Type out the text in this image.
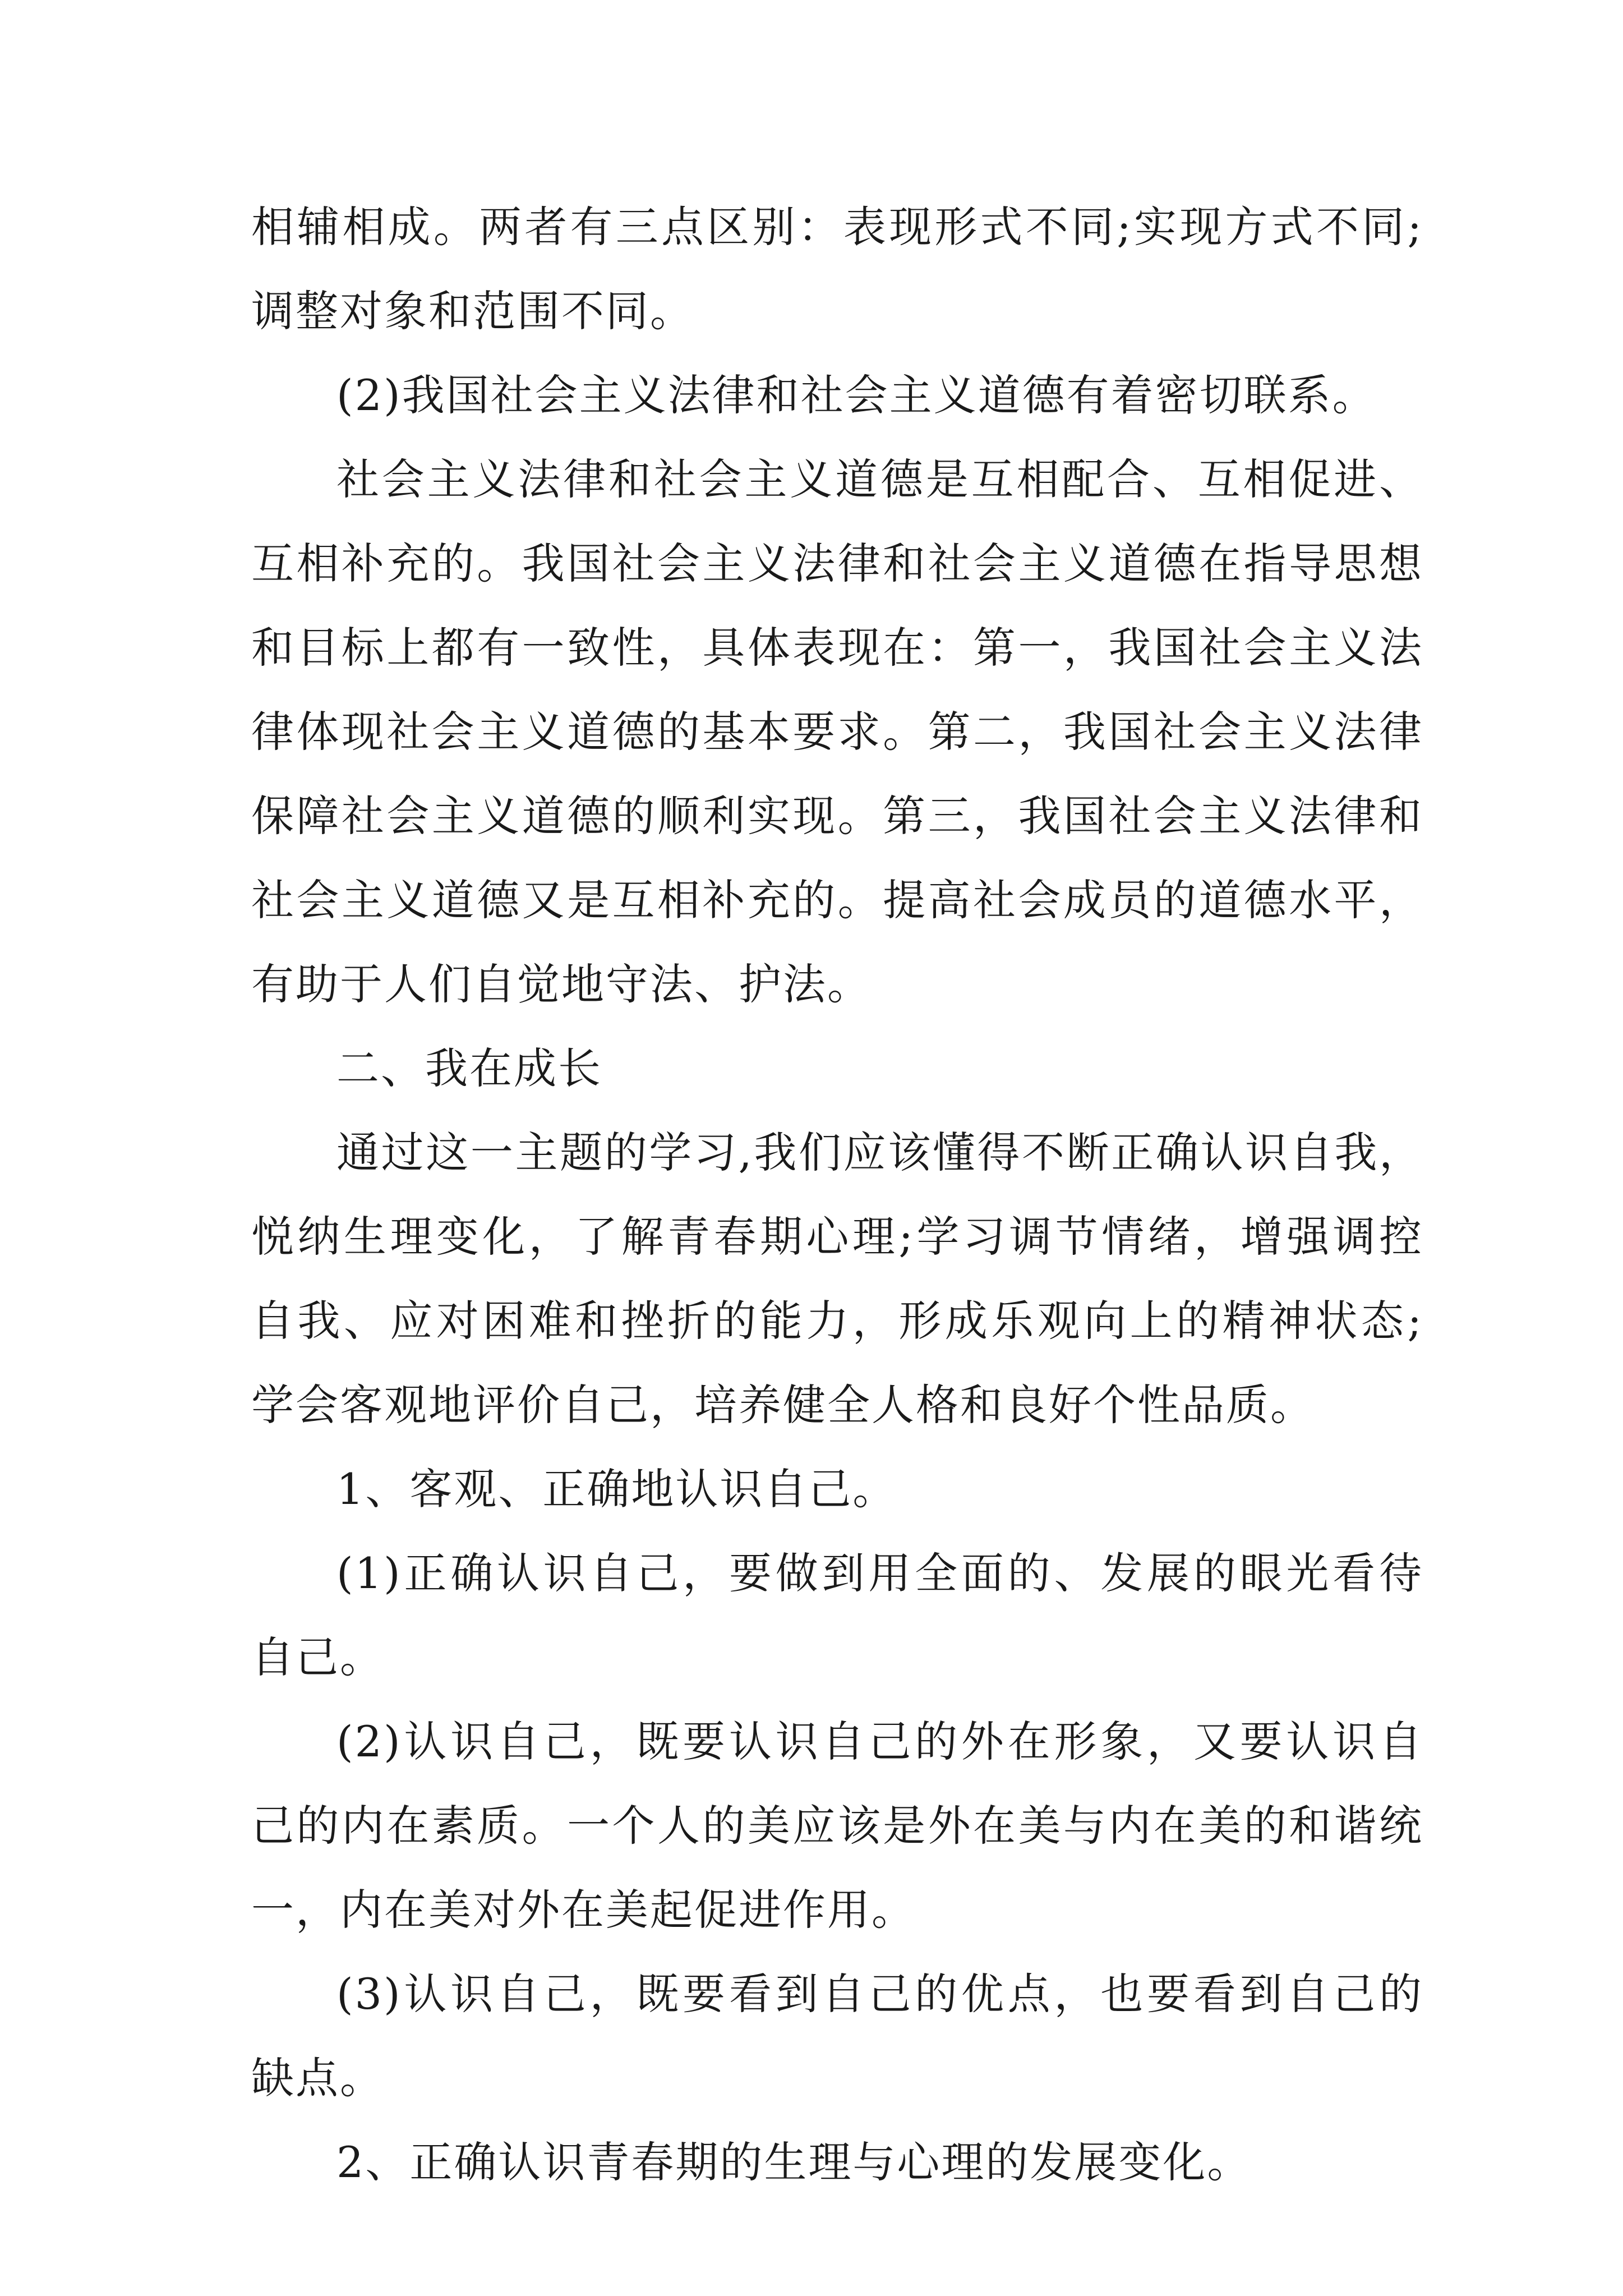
相辅相成。两者有三点区别：表现形式不同;实现方式不同;
调整对象和范围不同。
(2)我国社会主义法律和社会主义道德有着密切联系。
社会主义法律和社会主义道德是互相配合、互相促进、
互相补充的。我国社会主义法律和社会主义道德在指导思想
和目标上都有一致性，具体表现在：第一，我国社会主义法
律体现社会主义道德的基本要求。第二，我国社会主义法律
保障社会主义道德的顺利实现。第三，我国社会主义法律和
社会主义道德又是互相补充的。提高社会成员的道德水平，
有助于人们自觉地守法、护法。
二、我在成长
通过这一主题的学习,我们应该懂得不断正确认识自我，
悦纳生理变化，了解青春期心理;学习调节情绪，增强调控
自我、应对困难和挫折的能力，形成乐观向上的精神状态;
学会客观地评价自己，培养健全人格和良好个性品质。
1、客观、正确地认识自己。
(1)正确认识自己，要做到用全面的、发展的眼光看待
自己。
(2)认识自己，既要认识自己的外在形象，又要认识自
己的内在素质。一个人的美应该是外在美与内在美的和谐统
一，内在美对外在美起促进作用。
(3)认识自己，既要看到自己的优点，也要看到自己的
缺点。
2、正确认识青春期的生理与心理的发展变化。
